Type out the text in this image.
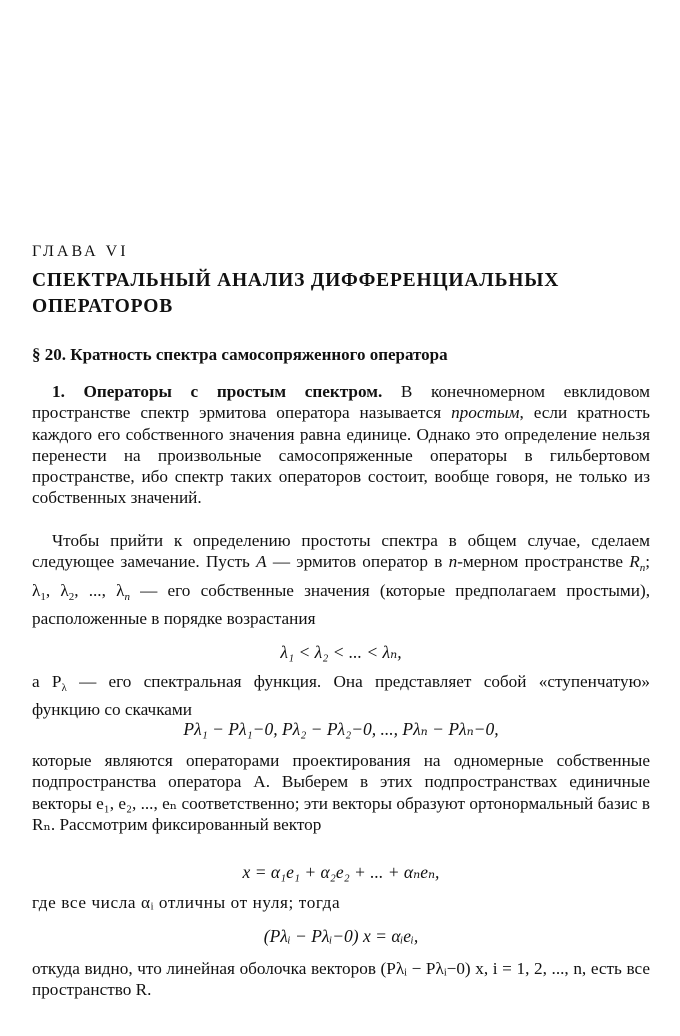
ГЛАВА VI
СПЕКТРАЛЬНЫЙ АНАЛИЗ ДИФФЕРЕНЦИАЛЬНЫХ ОПЕРАТОРОВ
§ 20. Кратность спектра самосопряженного оператора

1. Операторы с простым спектром. В конечномерном евклидовом пространстве спектр эрмитова оператора называется простым, если кратность каждого его собственного значения равна единице. Однако это определение нельзя перенести на произвольные самосопряженные операторы в гильбертовом пространстве, ибо спектр таких операторов состоит, вообще говоря, не только из собственных значений.

Чтобы прийти к определению простоты спектра в общем случае, сделаем следующее замечание. Пусть A — эрмитов оператор в n-мерном пространстве $R_n$; $\lambda_1$, $\lambda_2$, ..., $\lambda_n$ — его собственные значения (которые предполагаем простыми), расположенные в порядке возрастания

λ₁ < λ₂ < ... < λₙ,

а $P_\lambda$ — его спектральная функция. Она представляет собой «ступенчатую» функцию со скачками

Pλ₁ − Pλ₁−0, Pλ₂ − Pλ₂−0, ..., Pλₙ − Pλₙ−0,

которые являются операторами проектирования на одномерные собственные подпространства оператора A. Выберем в этих подпространствах единичные векторы e₁, e₂, ..., eₙ соответственно; эти векторы образуют ортонормальный базис в Rₙ. Рассмотрим фиксированный вектор

x = α₁e₁ + α₂e₂ + ... + αₙeₙ,

где все числа αᵢ отличны от нуля; тогда

(Pλᵢ − Pλᵢ−0) x = αᵢeᵢ,

откуда видно, что линейная оболочка векторов (Pλᵢ − Pλᵢ−0) x, i = 1, 2, ..., n, есть все пространство R.
